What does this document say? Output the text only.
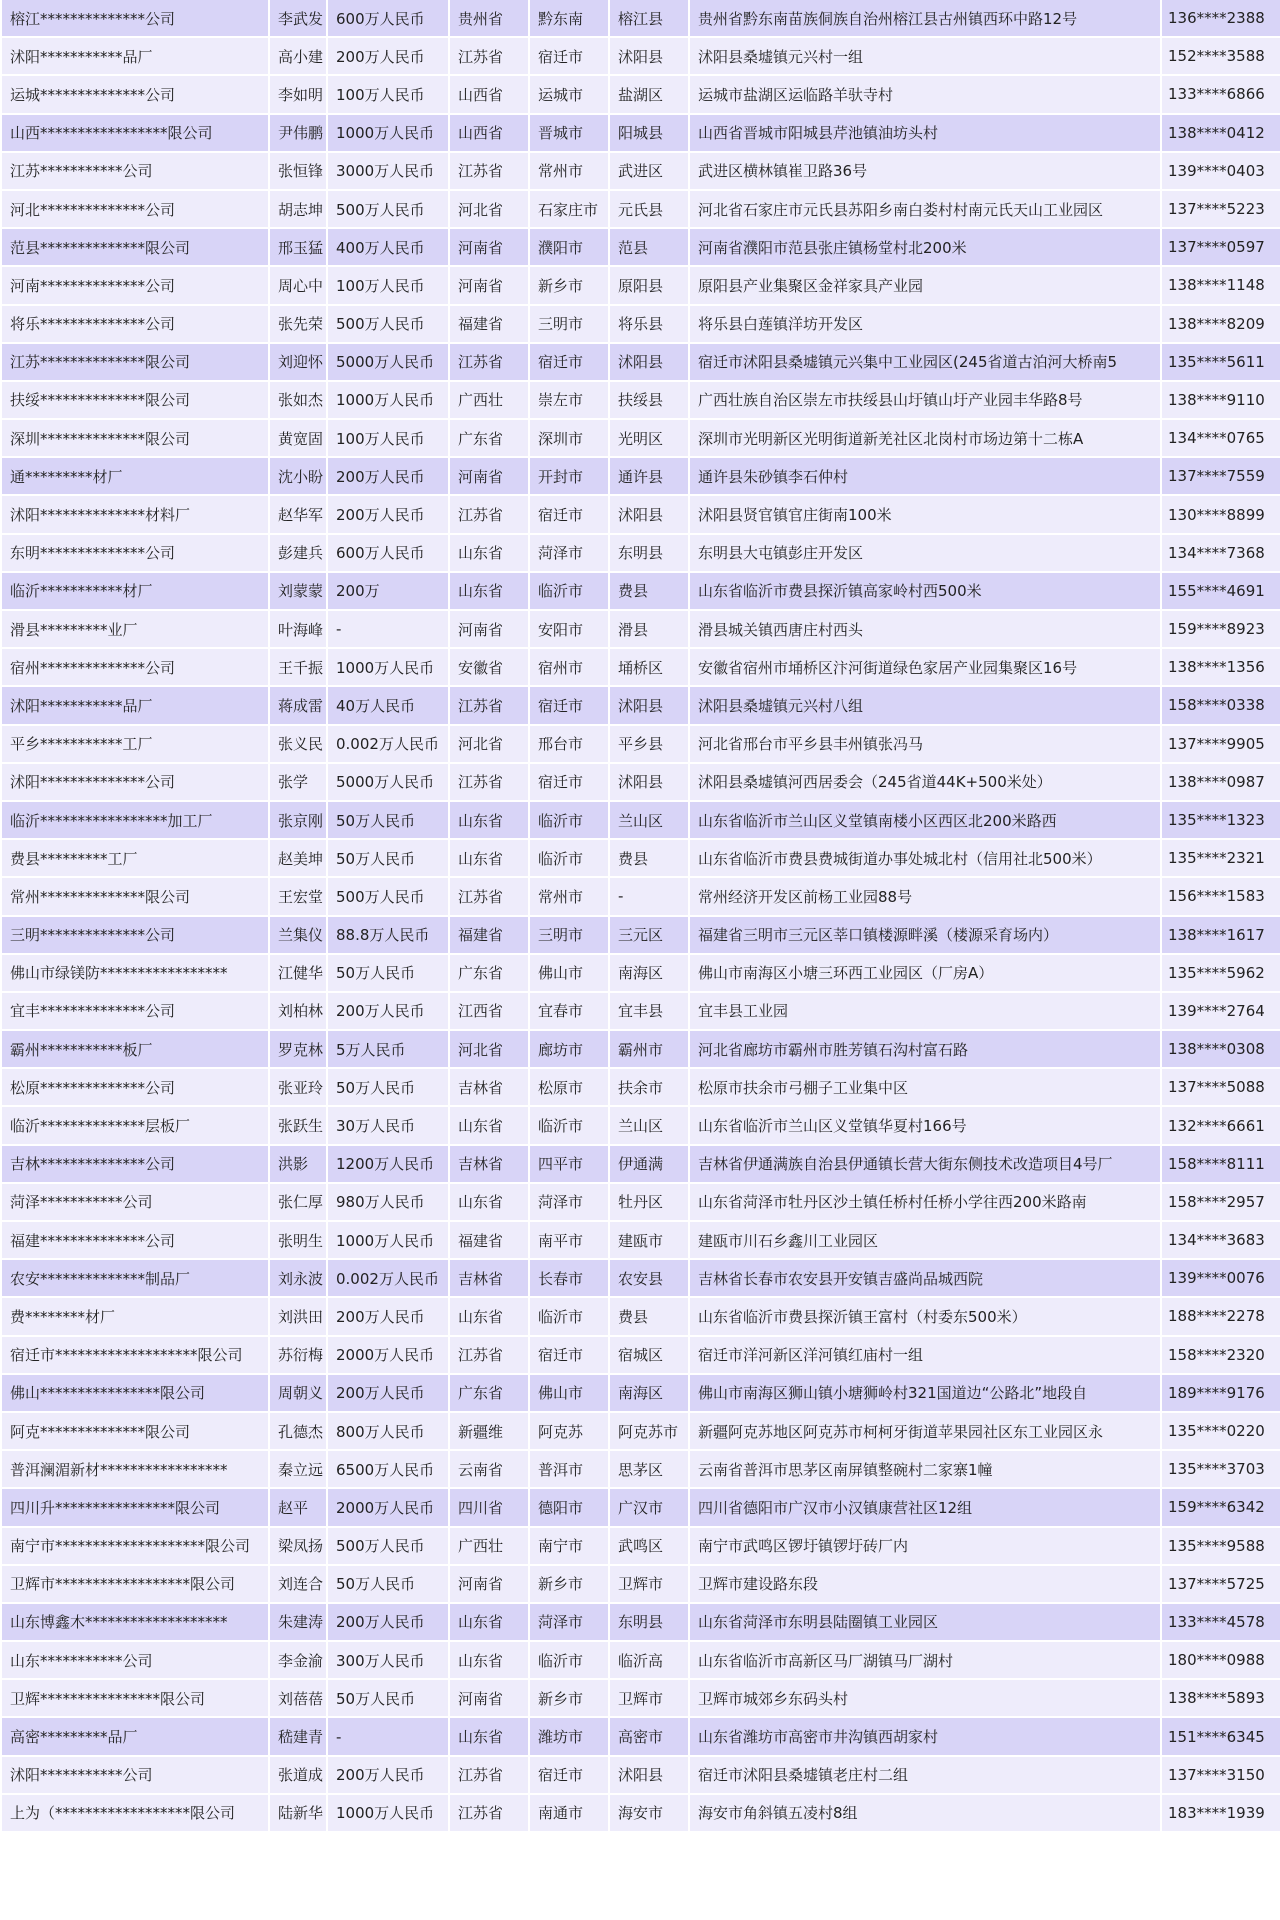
榕江**************公司	李武发	600万人民币	贵州省	黔东南	榕江县	贵州省黔东南苗族侗族自治州榕江县古州镇西环中路12号	136****2388
沭阳***********品厂	高小建	200万人民币	江苏省	宿迁市	沭阳县	沭阳县桑墟镇元兴村一组	152****3588
运城**************公司	李如明	100万人民币	山西省	运城市	盐湖区	运城市盐湖区运临路羊驮寺村	133****6866
山西*****************限公司	尹伟鹏	1000万人民币	山西省	晋城市	阳城县	山西省晋城市阳城县芹池镇油坊头村	138****0412
江苏***********公司	张恒锋	3000万人民币	江苏省	常州市	武进区	武进区横林镇崔卫路36号	139****0403
河北**************公司	胡志坤	500万人民币	河北省	石家庄市	元氏县	河北省石家庄市元氏县苏阳乡南白娄村村南元氏天山工业园区	137****5223
范县**************限公司	邢玉猛	400万人民币	河南省	濮阳市	范县	河南省濮阳市范县张庄镇杨堂村北200米	137****0597
河南**************公司	周心中	100万人民币	河南省	新乡市	原阳县	原阳县产业集聚区金祥家具产业园	138****1148
将乐**************公司	张先荣	500万人民币	福建省	三明市	将乐县	将乐县白莲镇洋坊开发区	138****8209
江苏**************限公司	刘迎怀	5000万人民币	江苏省	宿迁市	沭阳县	宿迁市沭阳县桑墟镇元兴集中工业园区(245省道古泊河大桥南5	135****5611
扶绥**************限公司	张如杰	1000万人民币	广西壮	崇左市	扶绥县	广西壮族自治区崇左市扶绥县山圩镇山圩产业园丰华路8号	138****9110
深圳**************限公司	黄宽固	100万人民币	广东省	深圳市	光明区	深圳市光明新区光明街道新羌社区北岗村市场边第十二栋A	134****0765
通*********材厂	沈小盼	200万人民币	河南省	开封市	通许县	通许县朱砂镇李石仲村	137****7559
沭阳**************材料厂	赵华军	200万人民币	江苏省	宿迁市	沭阳县	沭阳县贤官镇官庄街南100米	130****8899
东明**************公司	彭建兵	600万人民币	山东省	菏泽市	东明县	东明县大屯镇彭庄开发区	134****7368
临沂***********材厂	刘蒙蒙	200万	山东省	临沂市	费县	山东省临沂市费县探沂镇高家岭村西500米	155****4691
滑县*********业厂	叶海峰	-	河南省	安阳市	滑县	滑县城关镇西唐庄村西头	159****8923
宿州**************公司	王千振	1000万人民币	安徽省	宿州市	埇桥区	安徽省宿州市埇桥区汴河街道绿色家居产业园集聚区16号	138****1356
沭阳***********品厂	蒋成雷	40万人民币	江苏省	宿迁市	沭阳县	沭阳县桑墟镇元兴村八组	158****0338
平乡***********工厂	张义民	0.002万人民币	河北省	邢台市	平乡县	河北省邢台市平乡县丰州镇张冯马	137****9905
沭阳**************公司	张学	5000万人民币	江苏省	宿迁市	沭阳县	沭阳县桑墟镇河西居委会（245省道44K+500米处）	138****0987
临沂*****************加工厂	张京刚	50万人民币	山东省	临沂市	兰山区	山东省临沂市兰山区义堂镇南楼小区西区北200米路西	135****1323
费县*********工厂	赵美坤	50万人民币	山东省	临沂市	费县	山东省临沂市费县费城街道办事处城北村（信用社北500米）	135****2321
常州**************限公司	王宏堂	500万人民币	江苏省	常州市	-	常州经济开发区前杨工业园88号	156****1583
三明**************公司	兰集仪	88.8万人民币	福建省	三明市	三元区	福建省三明市三元区莘口镇楼源畔溪（楼源采育场内）	138****1617
佛山市绿镁防*****************	江健华	50万人民币	广东省	佛山市	南海区	佛山市南海区小塘三环西工业园区（厂房A）	135****5962
宜丰**************公司	刘柏林	200万人民币	江西省	宜春市	宜丰县	宜丰县工业园	139****2764
霸州***********板厂	罗克林	5万人民币	河北省	廊坊市	霸州市	河北省廊坊市霸州市胜芳镇石沟村富石路	138****0308
松原**************公司	张亚玲	50万人民币	吉林省	松原市	扶余市	松原市扶余市弓棚子工业集中区	137****5088
临沂**************层板厂	张跃生	30万人民币	山东省	临沂市	兰山区	山东省临沂市兰山区义堂镇华夏村166号	132****6661
吉林**************公司	洪影	1200万人民币	吉林省	四平市	伊通满	吉林省伊通满族自治县伊通镇长营大街东侧技术改造项目4号厂	158****8111
菏泽***********公司	张仁厚	980万人民币	山东省	菏泽市	牡丹区	山东省菏泽市牡丹区沙土镇任桥村任桥小学往西200米路南	158****2957
福建**************公司	张明生	1000万人民币	福建省	南平市	建瓯市	建瓯市川石乡鑫川工业园区	134****3683
农安**************制品厂	刘永波	0.002万人民币	吉林省	长春市	农安县	吉林省长春市农安县开安镇吉盛尚品城西院	139****0076
费********材厂	刘洪田	200万人民币	山东省	临沂市	费县	山东省临沂市费县探沂镇王富村（村委东500米）	188****2278
宿迁市*******************限公司	苏衍梅	2000万人民币	江苏省	宿迁市	宿城区	宿迁市洋河新区洋河镇红庙村一组	158****2320
佛山****************限公司	周朝义	200万人民币	广东省	佛山市	南海区	佛山市南海区狮山镇小塘狮岭村321国道边“公路北”地段自	189****9176
阿克**************限公司	孔德杰	800万人民币	新疆维	阿克苏	阿克苏市	新疆阿克苏地区阿克苏市柯柯牙街道苹果园社区东工业园区永	135****0220
普洱澜湄新材*****************	秦立远	6500万人民币	云南省	普洱市	思茅区	云南省普洱市思茅区南屏镇整碗村二家寨1幢	135****3703
四川升****************限公司	赵平	2000万人民币	四川省	德阳市	广汉市	四川省德阳市广汉市小汉镇康营社区12组	159****6342
南宁市********************限公司	梁凤扬	500万人民币	广西壮	南宁市	武鸣区	南宁市武鸣区锣圩镇锣圩砖厂内	135****9588
卫辉市******************限公司	刘连合	50万人民币	河南省	新乡市	卫辉市	卫辉市建设路东段	137****5725
山东博鑫木*******************	朱建涛	200万人民币	山东省	菏泽市	东明县	山东省菏泽市东明县陆圈镇工业园区	133****4578
山东***********公司	李金渝	300万人民币	山东省	临沂市	临沂高	山东省临沂市高新区马厂湖镇马厂湖村	180****0988
卫辉****************限公司	刘蓓蓓	50万人民币	河南省	新乡市	卫辉市	卫辉市城郊乡东码头村	138****5893
高密*********品厂	嵇建青	-	山东省	潍坊市	高密市	山东省潍坊市高密市井沟镇西胡家村	151****6345
沭阳***********公司	张道成	200万人民币	江苏省	宿迁市	沭阳县	宿迁市沭阳县桑墟镇老庄村二组	137****3150
上为（******************限公司	陆新华	1000万人民币	江苏省	南通市	海安市	海安市角斜镇五凌村8组	183****1939
